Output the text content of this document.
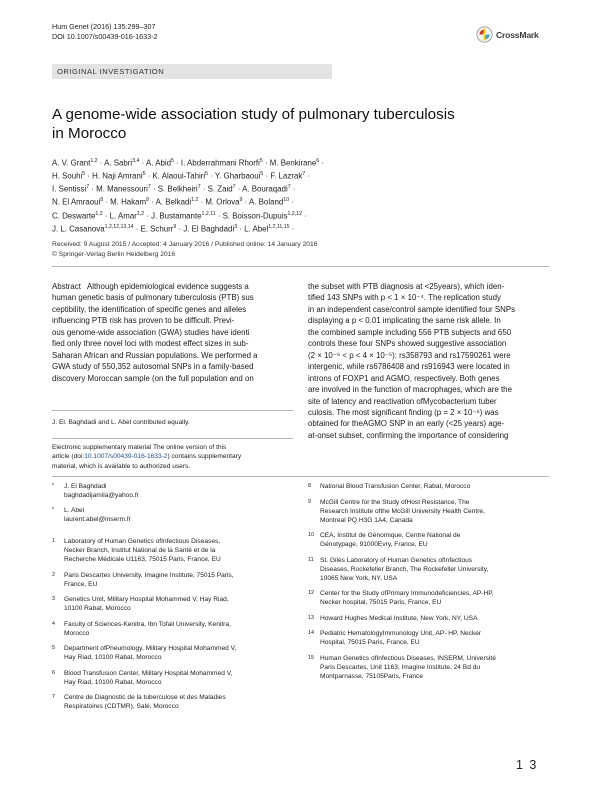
Hum Genet (2016) 135:299–307
DOI 10.1007/s00439-016-1633-2	CrossMark
ORIGINAL INVESTIGATION
A genome-wide association study of pulmonary tuberculosis
in Morocco
A. V. Grant$^{1,2}$ · A. Sabri$^{3,4}$ · A. Abid$^5$ · I. Abderrahmani Rhorfi$^5$ · M. Benkirane$^6$ ·
H. Souhi$^5$ · H. Naji Amrani$^5$ · K. Alaoui-Tahiri$^5$ · Y. Gharbaoui$^5$ · F. Lazrak$^7$ ·
I. Sentissi$^7$ · M. Manessouri$^7$ · S. Belkheiri$^7$ · S. Zaid$^7$ · A. Bouraqadi$^7$ ·
N. El Amraoui$^8$ · M. Hakam$^8$ · A. Belkadi$^{1,2}$ · M. Orlova$^9$ · A. Boland$^{10}$ ·
C. Deswarte$^{1,2}$ · L. Amar$^{1,2}$ · J. Bustamante$^{1,2,11}$ · S. Boisson-Dupuis$^{1,2,12}$ ·
J. L. Casanova$^{1,2,12,13,14}$ · E. Schurr$^9$ · J. El Baghdadi$^3$ · L. Abel$^{1,2,11,15}$ ·
Received: 9 August 2015 / Accepted: 4 January 2016 / Published online: 14 January 2016
© Springer-Verlag Berlin Heidelberg 2016
Abstract Although epidemiological evidence suggests a
human genetic basis of pulmonary tuberculosis (PTB) sus
ceptibility, the identification of specific genes and alleles
influencing PTB risk has proven to be difficult. Previ-
ous genome-wide association (GWA) studies have identi
fied only three novel loci with modest effect sizes in sub-
Saharan African and Russian populations. We performed a
GWA study of 550,352 autosomal SNPs in a family-based
discovery Moroccan sample (on the full population and on
the subset with PTB diagnosis at <25years), which iden-
tified 143 SNPs with p < 1 × 10⁻⁴. The replication study
in an independent case/control sample identified four SNPs
displaying a p < 0.01 implicating the same risk allele. In
the combined sample including 556 PTB subjects and 650
controls these four SNPs showed suggestive association
(2 × 10⁻⁶ < p < 4 × 10⁻⁵): rs358793 and rs17590261 were
intergenic, while rs6786408 and rs916943 were located in
introns of FOXP1 and AGMO, respectively. Both genes
are involved in the function of macrophages, which are the
site of latency and reactivation ofMycobacterium tuber
culosis. The most significant finding (p = 2 × 10⁻⁶) was
obtained for theAGMO SNP in an early (<25 years) age-
at-onset subset, confirming the importance of considering
J. El. Baghdadi and L. Abel contributed equally.
Electronic supplementary material The online version of this
article (doi:10.1007/s00439-016-1633-2) contains supplementary
material, which is available to authorized users.
* J. El Baghdadi
baghdadijamila@yahoo.fr
* L. Abel
laurent.abel@inserm.fr
1 Laboratory of Human Genetics ofInfectious Diseases,
Necker Branch, Institut National de la Santé et de la
Recherche Médicale U1163, 75015 Paris, France, EU
2 Paris Descartes University, Imagine Institute, 75015 Paris,
France, EU
3 Genetics Unit, Military Hospital Mohammed V, Hay Riad,
10100 Rabat, Morocco
4 Faculty of Sciences-Kenitra, Ibn Tofail University, Kenitra,
Morocco
5 Department ofPneumology, Military Hospital Mohammed V,
Hay Riad, 10100 Rabat, Morocco
6 Blood Transfusion Center, Military Hospital Mohammed V,
Hay Riad, 10100 Rabat, Morocco
7 Centre de Diagnostic de la tuberculose et des Maladies
Respiratoires (CDTMR), Salé, Morocco
8 National Blood Transfusion Center, Rabat, Morocco
9 McGill Centre for the Study ofHost Resistance, The
Research Institute ofthe McGill University Health Centre,
Montreal PQ H3G 1A4, Canada
10 CEA, Institut de Génomique, Centre National de
Génotypage, 91000Evry, France, EU
11 St. Giles Laboratory of Human Genetics ofInfectious
Diseases, Rockefeller Branch, The Rockefeller University,
10065 New York, NY, USA
12 Center for the Study ofPrimary Immunodeficiencies, AP-HP,
Necker hospital, 75015 Paris, France, EU
13 Howard Hughes Medical Institute, New York, NY, USA
14 Pediatric HematologyImmunology Unit, AP- HP, Necker
Hospital, 75015 Paris, France, EU
15 Human Genetics ofInfectious Diseases, INSERM, Université
Paris Descartes, Unit 1163, Imagine Institute, 24 Bd du
Montparnasse, 75105Paris, France
1 3
